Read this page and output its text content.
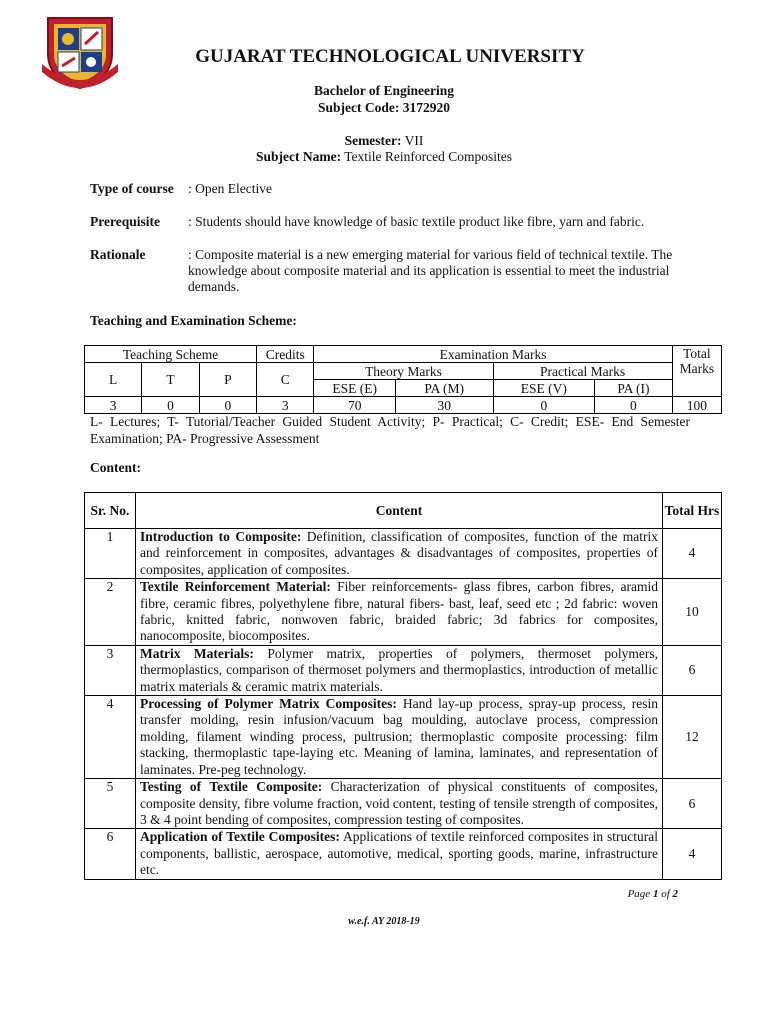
GUJARAT TECHNOLOGICAL UNIVERSITY
Bachelor of Engineering
Subject Code: 3172920
Semester: VII
Subject Name: Textile Reinforced Composites
Type of course : Open Elective
Prerequisite : Students should have knowledge of basic textile product like fibre, yarn and fabric.
Rationale	: Composite material is a new emerging material for various field of technical textile. The knowledge about composite material and its application is essential to meet the industrial demands.
Teaching and Examination Scheme:
Teaching Scheme			Credits	Examination Marks				Total
Marks

L	T	P	C	Theory Marks		Practical Marks		
				ESE (E)	PA (M)	ESE (V)	PA (I)	
3	0	0	3	70	30	0	0	100
L- Lectures; T- Tutorial/Teacher Guided Student Activity; P- Practical; C- Credit; ESE- End Semester Examination; PA- Progressive Assessment
Content:
Sr. No.	Content	Total Hrs
1	Introduction to Composite: Definition, classification of composites, function of the matrix and reinforcement in composites, advantages & disadvantages of composites, properties of composites, application of composites.	4
2	Textile Reinforcement Material: Fiber reinforcements- glass fibres, carbon fibres, aramid fibre, ceramic fibres, polyethylene fibre, natural fibers- bast, leaf, seed etc ; 2d fabric: woven fabric, knitted fabric, nonwoven fabric, braided fabric; 3d fabrics for composites, nanocomposite, biocomposites.	10
3	Matrix Materials: Polymer matrix, properties of polymers, thermoset polymers, thermoplastics, comparison of thermoset polymers and thermoplastics, introduction of metallic matrix materials & ceramic matrix materials.	6
4	Processing of Polymer Matrix Composites: Hand lay-up process, spray-up process, resin transfer molding, resin infusion/vacuum bag moulding, autoclave process, compression molding, filament winding process, pultrusion; thermoplastic composite processing: film stacking, thermoplastic tape-laying etc. Meaning of lamina, laminates, and representation of laminates. Pre-peg technology.	12
5	Testing of Textile Composite: Characterization of physical constituents of composites, composite density, fibre volume fraction, void content, testing of tensile strength of composites, 3 & 4 point bending of composites, compression testing of composites.	6
6	Application of Textile Composites: Applications of textile reinforced composites in structural components, ballistic, aerospace, automotive, medical, sporting goods, marine, infrastructure etc.	4
Page 1 of 2
w.e.f. AY 2018-19
